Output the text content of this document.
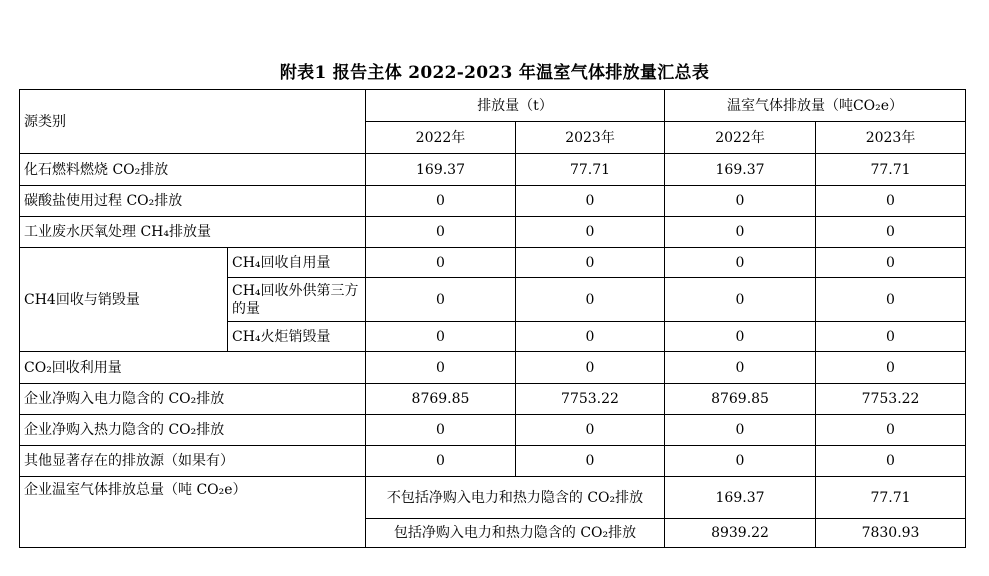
附表1 报告主体 2022-2023 年温室气体排放量汇总表
源类别		排放量（t）		温室气体排放量（吨CO₂e）	
		2022年	2023年	2022年	2023年
化石燃料燃烧 CO₂排放		169.37	77.71	169.37	77.71
碳酸盐使用过程 CO₂排放		0	0	0	0
工业废水厌氧处理 CH₄排放量		0	0	0	0
CH4回收与销毁量	CH₄回收自用量	0	0	0	0
	CH₄回收外供第三方的量	0	0	0	0
	CH₄火炬销毁量	0	0	0	0
CO₂回收利用量		0	0	0	0
企业净购入电力隐含的 CO₂排放		8769.85	7753.22	8769.85	7753.22
企业净购入热力隐含的 CO₂排放		0	0	0	0
其他显著存在的排放源（如果有）		0	0	0	0
企业温室气体排放总量（吨 CO₂e）		不包括净购入电力和热力隐含的 CO₂排放		169.37	77.71
		包括净购入电力和热力隐含的 CO₂排放		8939.22	7830.93
